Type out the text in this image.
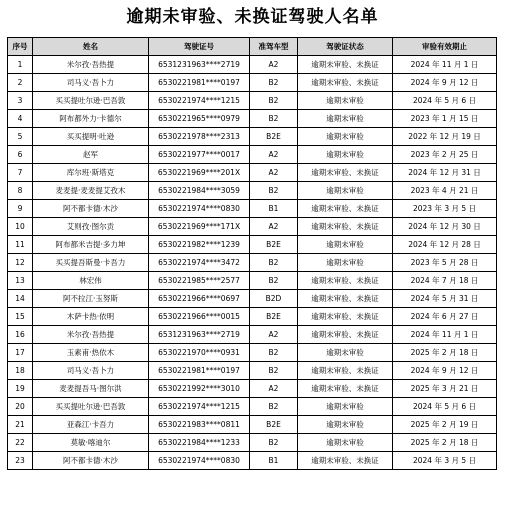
逾期未审验、未换证驾驶人名单
序号	姓名	驾驶证号	准驾车型	驾驶证状态	审验有效期止
1	米尔孜·吾热提	6531231963****2719	A2	逾期未审验、未换证	2024 年 11 月 1 日
2	司马义·吾卜力	6530221981****0197	B2	逾期未审验、未换证	2024 年 9 月 12 日
3	买买提吐尔逊·巴吾敦	6530221974****1215	B2	逾期未审验	2024 年 5 月 6 日
4	阿布都外力·卡德尔	6530221965****0979	B2	逾期未审验	2023 年 1 月 15 日
5	买买提明·吐逊	6530221978****2313	B2E	逾期未审验	2022 年 12 月 19 日
6	赵军	6530221977****0017	A2	逾期未审验	2023 年 2 月 25 日
7	库尔班·斯塔克	6530221969****201X	A2	逾期未审验、未换证	2024 年 12 月 31 日
8	麦麦提·麦麦提艾孜木	6530221984****3059	B2	逾期未审验	2023 年 4 月 21 日
9	阿不都卡德·木沙	6530221974****0830	B1	逾期未审验、未换证	2023 年 3 月 5 日
10	艾则孜·图尔贡	6530221969****171X	A2	逾期未审验、未换证	2024 年 12 月 30 日
11	阿布都米吉提·多力坤	6530221982****1239	B2E	逾期未审验	2024 年 12 月 28 日
12	买买提吾斯曼·卡吾力	6530221974****3472	B2	逾期未审验	2023 年 5 月 28 日
13	林宏伟	6530221985****2577	B2	逾期未审验、未换证	2024 年 7 月 18 日
14	阿不拉江·玉努斯	6530221966****0697	B2D	逾期未审验、未换证	2024 年 5 月 31 日
15	木萨卡热·依明	6530221966****0015	B2E	逾期未审验、未换证	2024 年 6 月 27 日
16	米尔孜·吾热提	6531231963****2719	A2	逾期未审验、未换证	2024 年 11 月 1 日
17	玉素甫·热依木	6530221970****0931	B2	逾期未审验	2025 年 2 月 18 日
18	司马义·吾卜力	6530221981****0197	B2	逾期未审验、未换证	2024 年 9 月 12 日
19	麦麦提吾马·图尔洪	6530221992****3010	A2	逾期未审验、未换证	2025 年 3 月 21 日
20	买买提吐尔逊·巴吾敦	6530221974****1215	B2	逾期未审验	2024 年 5 月 6 日
21	亚森江·卡吾力	6530221983****0811	B2E	逾期未审验	2025 年 2 月 19 日
22	莫敏·喀迪尔	6530221984****1233	B2	逾期未审验	2025 年 2 月 18 日
23	阿不都卡德·木沙	6530221974****0830	B1	逾期未审验、未换证	2024 年 3 月 5 日
